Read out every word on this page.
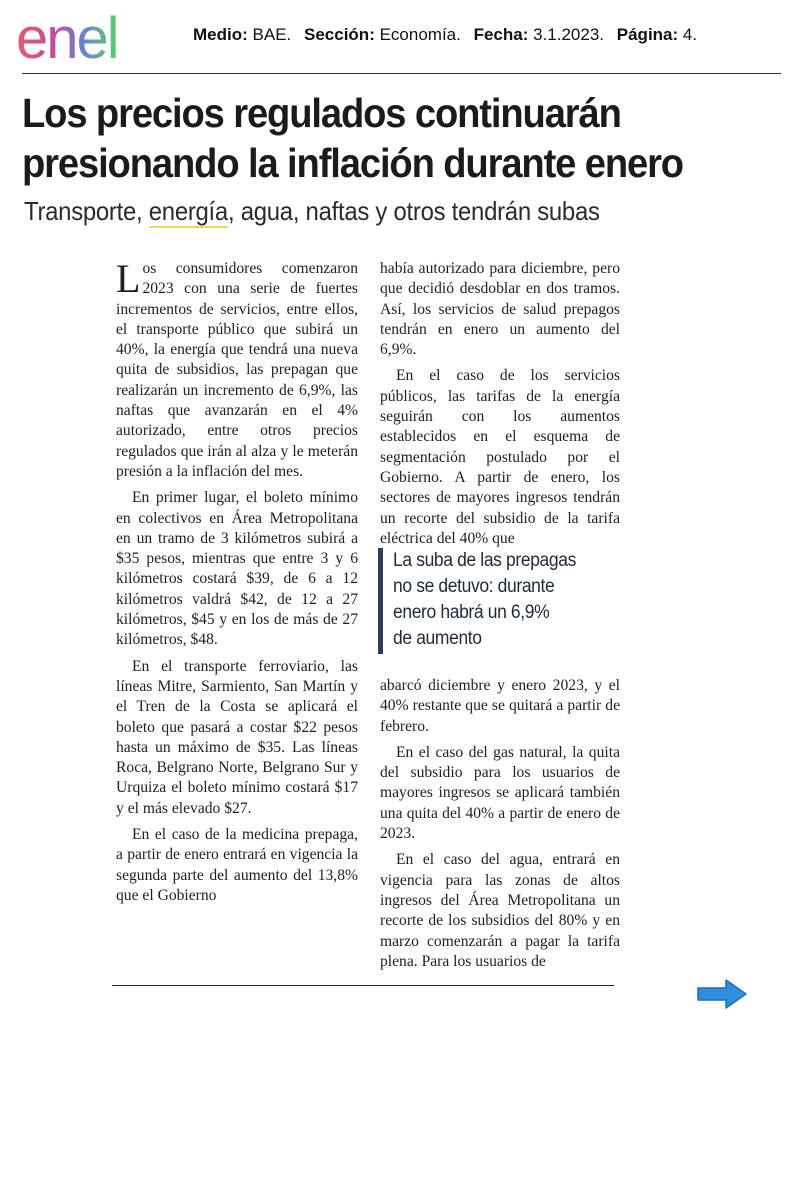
enel	Medio: BAE. Sección: Economía. Fecha: 3.1.2023. Página: 4.
Los precios regulados continuarán
presionando la inflación durante enero
Transporte, energía, agua, naftas y otros tendrán subas

Los consumidores comenzaron 2023 con una serie de fuertes incrementos de servicios, entre ellos, el transporte público que subirá un 40%, la energía que tendrá una nueva quita de subsidios, las prepagan que realizarán un incremento de 6,9%, las naftas que avanzarán en el 4% autorizado, entre otros precios regulados que irán al alza y le meterán presión a la inflación del mes.

En primer lugar, el boleto mínimo en colectivos en Área Metropolitana en un tramo de 3 kilómetros subirá a $35 pesos, mientras que entre 3 y 6 kilómetros costará $39, de 6 a 12 kilómetros valdrá $42, de 12 a 27 kilómetros, $45 y en los de más de 27 kilómetros, $48.

En el transporte ferroviario, las líneas Mitre, Sarmiento, San Martín y el Tren de la Costa se aplicará el boleto que pasará a costar $22 pesos hasta un máximo de $35. Las líneas Roca, Belgrano Norte, Belgrano Sur y Urquiza el boleto mínimo costará $17 y el más elevado $27.

En el caso de la medicina prepaga, a partir de enero entrará en vigencia la segunda parte del aumento del 13,8% que el Gobierno

había autorizado para diciembre, pero que decidió desdoblar en dos tramos. Así, los servicios de salud prepagos tendrán en enero un aumento del 6,9%.

En el caso de los servicios públicos, las tarifas de la energía seguirán con los aumentos establecidos en el esquema de segmentación postulado por el Gobierno. A partir de enero, los sectores de mayores ingresos tendrán un recorte del subsidio de la tarifa eléctrica del 40% que

La suba de las prepagas
no se detuvo: durante
enero habrá un 6,9%
de aumento

abarcó diciembre y enero 2023, y el 40% restante que se quitará a partir de febrero.

En el caso del gas natural, la quita del subsidio para los usuarios de mayores ingresos se aplicará también una quita del 40% a partir de enero de 2023.

En el caso del agua, entrará en vigencia para las zonas de altos ingresos del Área Metropolitana un recorte de los subsidios del 80% y en marzo comenzarán a pagar la tarifa plena. Para los usuarios de
